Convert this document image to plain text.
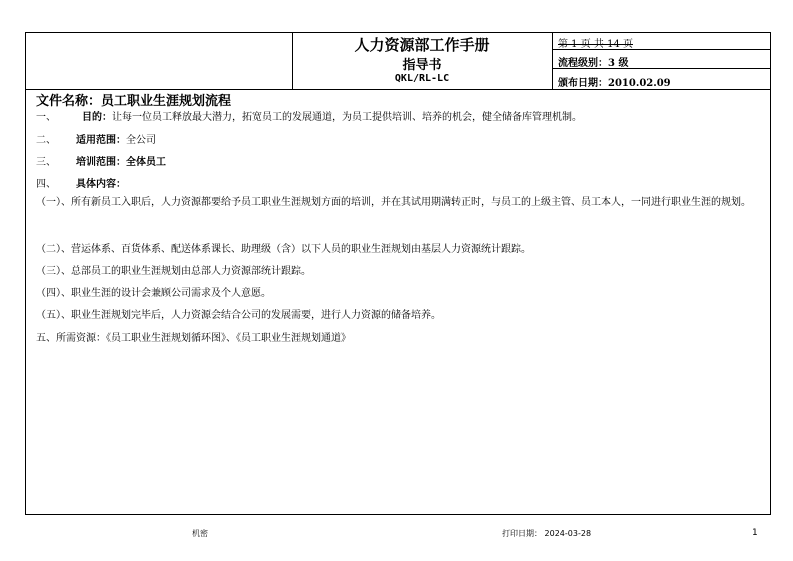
人力资源部工作手册
指导书
QKL/RL-LC
第 1 页 共 14 页
流程级别：3 级
颁布日期：2010.02.09
文件名称：员工职业生涯规划流程
一、	目的：让每一位员工释放最大潜力，拓宽员工的发展通道，为员工提供培训、培养的机会，健全储备库管理机制。
二、 适用范围：全公司
三、 培训范围：全体员工
四、 具体内容：
（一）、所有新员工入职后，人力资源都要给予员工职业生涯规划方面的培训，并在其试用期满转正时，与员工的上级主管、员工本人，一同进行职业生涯的规划。
（二）、营运体系、百货体系、配送体系课长、助理级（含）以下人员的职业生涯规划由基层人力资源统计跟踪。
（三）、总部员工的职业生涯规划由总部人力资源部统计跟踪。
（四）、职业生涯的设计会兼顾公司需求及个人意愿。
（五）、职业生涯规划完毕后，人力资源会结合公司的发展需要，进行人力资源的储备培养。
五、所需资源：《员工职业生涯规划循环图》、《员工职业生涯规划通道》
机密	打印日期： 2024-03-28	1
